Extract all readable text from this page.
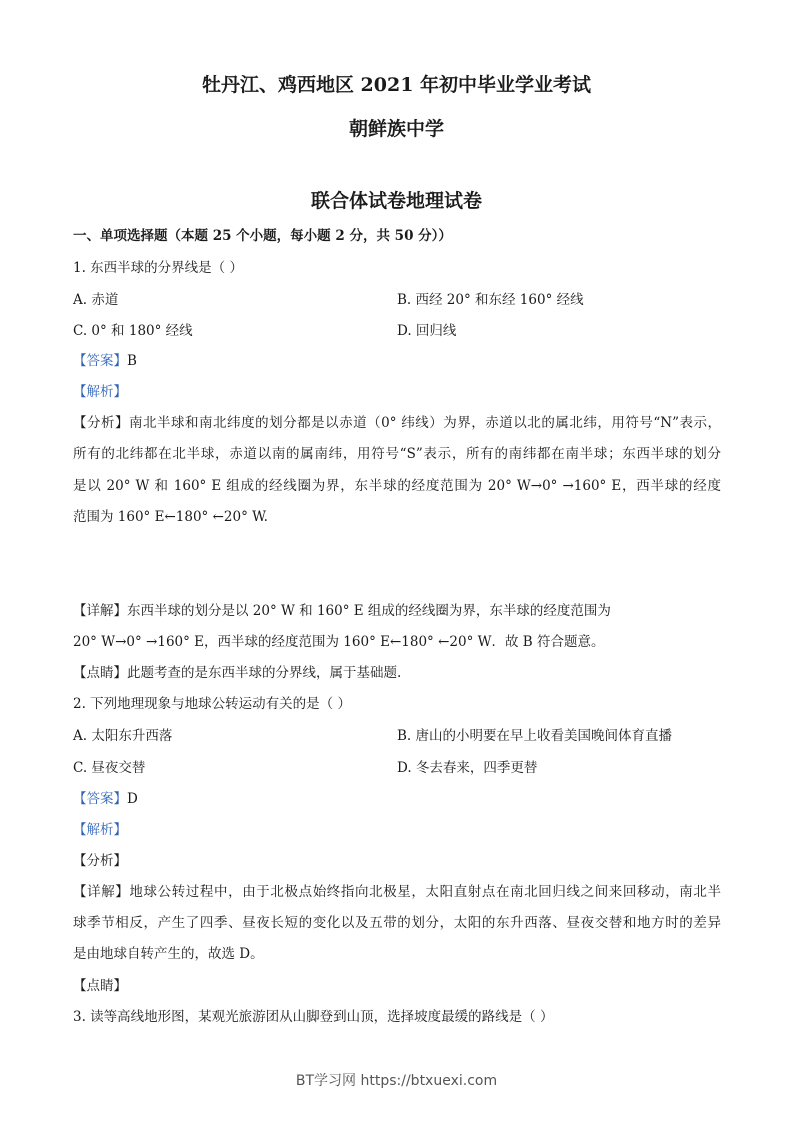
牡丹江、鸡西地区 2021 年初中毕业学业考试
朝鲜族中学
联合体试卷地理试卷
一、单项选择题（本题 25 个小题，每小题 2 分，共 50 分））
1. 东西半球的分界线是（ ）
A. 赤道	B. 西经 20° 和东经 160° 经线
C. 0° 和 180° 经线	D. 回归线
【答案】B
【解析】
【分析】南北半球和南北纬度的划分都是以赤道（0° 纬线）为界，赤道以北的属北纬，用符号“N”表示，
所有的北纬都在北半球，赤道以南的属南纬，用符号“S”表示，所有的南纬都在南半球；东西半球的划分
是以 20° W 和 160° E 组成的经线圈为界，东半球的经度范围为 20° W→0° →160° E，西半球的经度
范围为 160° E←180° ←20° W.
【详解】东西半球的划分是以 20° W 和 160° E 组成的经线圈为界，东半球的经度范围为
20° W→0° →160° E，西半球的经度范围为 160° E←180° ←20° W．故 B 符合题意。
【点睛】此题考查的是东西半球的分界线，属于基础题.
2. 下列地理现象与地球公转运动有关的是（ ）
A. 太阳东升西落	B. 唐山的小明要在早上收看美国晚间体育直播
C. 昼夜交替	D. 冬去春来，四季更替
【答案】D
【解析】
【分析】
【详解】地球公转过程中，由于北极点始终指向北极星，太阳直射点在南北回归线之间来回移动，南北半
球季节相反，产生了四季、昼夜长短的变化以及五带的划分，太阳的东升西落、昼夜交替和地方时的差异
是由地球自转产生的，故选 D。
【点睛】
3. 读等高线地形图，某观光旅游团从山脚登到山顶，选择坡度最缓的路线是（ ）
BT学习网 https://btxuexi.com
